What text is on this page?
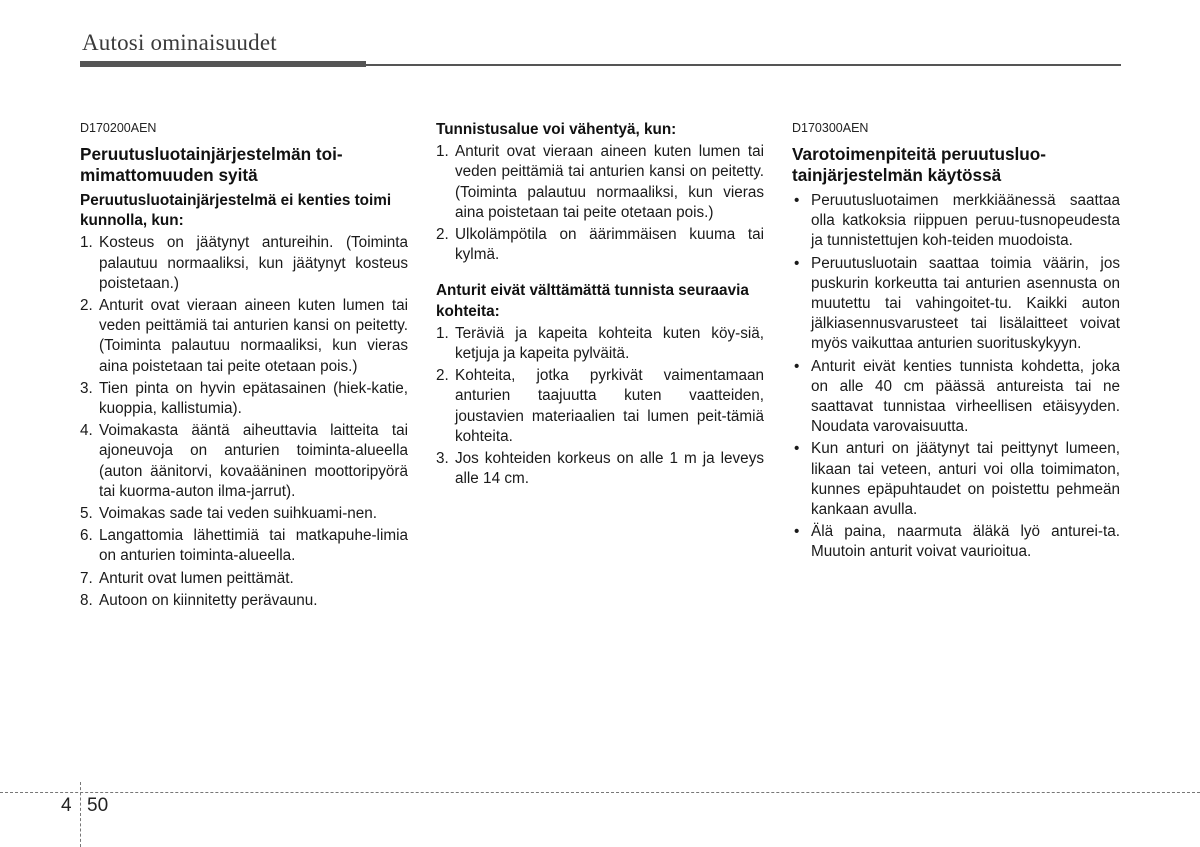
Autosi ominaisuudet
D170200AEN
Peruutusluotainjärjestelmän toi-
mimattomuuden syitä
Peruutusluotainjärjestelmä ei kenties toimi kunnolla, kun:
1. Kosteus on jäätynyt antureihin. (Toiminta palautuu normaaliksi, kun jäätynyt kosteus poistetaan.)
2. Anturit ovat vieraan aineen kuten lumen tai veden peittämiä tai anturien kansi on peitetty. (Toiminta palautuu normaaliksi, kun vieras aina poistetaan tai peite otetaan pois.)
3. Tien pinta on hyvin epätasainen (hiek-katie, kuoppia, kallistumia).
4. Voimakasta ääntä aiheuttavia laitteita tai ajoneuvoja on anturien toiminta-alueella (auton äänitorvi, kovaääninen moottoripyörä tai kuorma-auton ilma-jarrut).
5. Voimakas sade tai veden suihkuami-nen.
6. Langattomia lähettimiä tai matkapuhe-limia on anturien toiminta-alueella.
7. Anturit ovat lumen peittämät.
8. Autoon on kiinnitetty perävaunu.
Tunnistusalue voi vähentyä, kun:
1. Anturit ovat vieraan aineen kuten lumen tai veden peittämiä tai anturien kansi on peitetty. (Toiminta palautuu normaaliksi, kun vieras aina poistetaan tai peite otetaan pois.)
2. Ulkolämpötila on äärimmäisen kuuma tai kylmä.
Anturit eivät välttämättä tunnista seuraavia kohteita:
1. Teräviä ja kapeita kohteita kuten köy-siä, ketjuja ja kapeita pylväitä.
2. Kohteita, jotka pyrkivät vaimentamaan anturien taajuutta kuten vaatteiden, joustavien materiaalien tai lumen peit-tämiä kohteita.
3. Jos kohteiden korkeus on alle 1 m ja leveys alle 14 cm.
D170300AEN
Varotoimenpiteitä peruutusluo-
tainjärjestelmän käytössä
• Peruutusluotaimen merkkiäänessä saattaa olla katkoksia riippuen peruu-tusnopeudesta ja tunnistettujen koh-teiden muodoista.
• Peruutusluotain saattaa toimia väärin, jos puskurin korkeutta tai anturien asennusta on muutettu tai vahingoitet-tu. Kaikki auton jälkiasennusvarusteet tai lisälaitteet voivat myös vaikuttaa anturien suorituskykyyn.
• Anturit eivät kenties tunnista kohdetta, joka on alle 40 cm päässä antureista tai ne saattavat tunnistaa virheellisen etäisyyden. Noudata varovaisuutta.
• Kun anturi on jäätynyt tai peittynyt lumeen, likaan tai veteen, anturi voi olla toimimaton, kunnes epäpuhtaudet on poistettu pehmeän kankaan avulla.
• Älä paina, naarmuta äläkä lyö anturei-ta. Muutoin anturit voivat vaurioitua.
4 50
